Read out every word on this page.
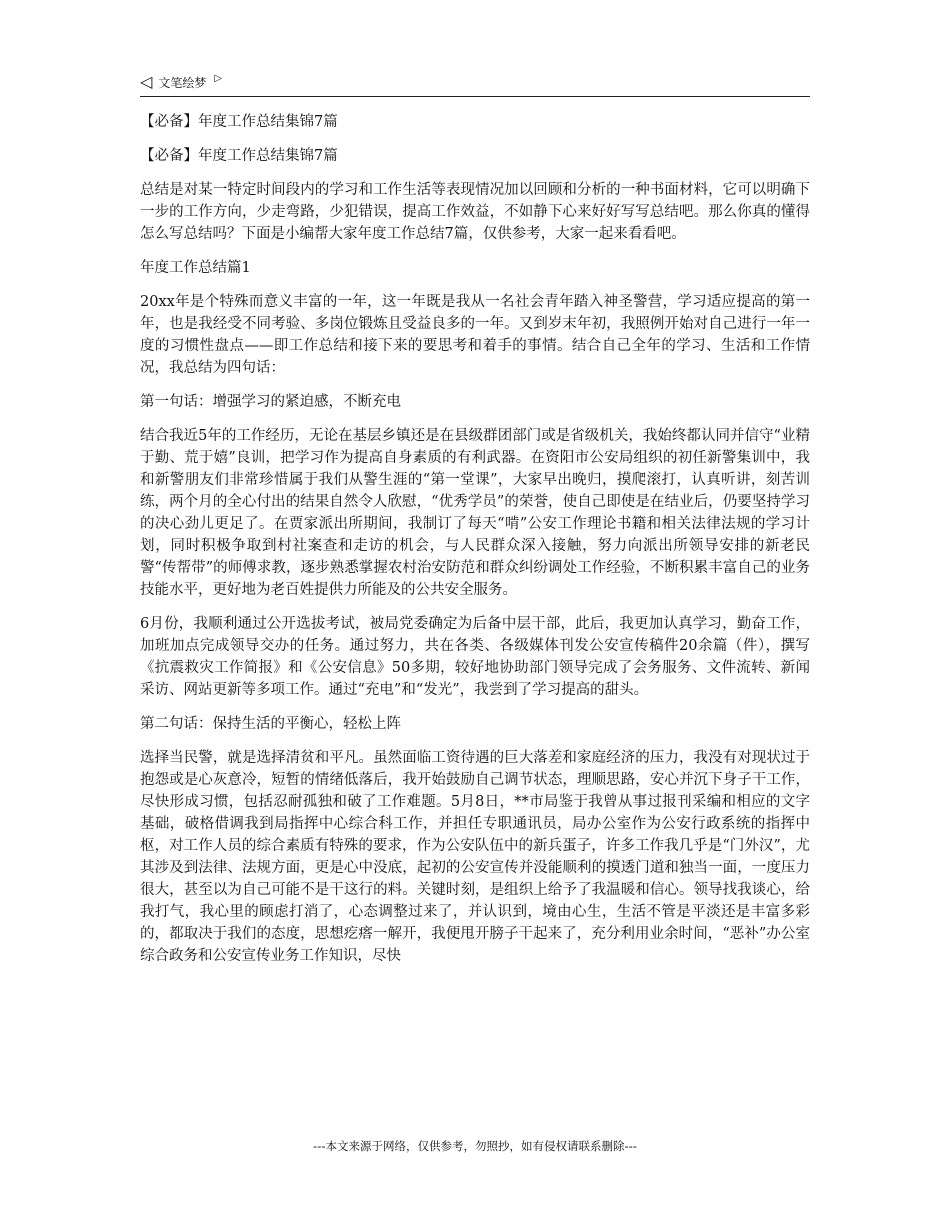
◁ 文笔绘梦 ▷
【必备】年度工作总结集锦7篇
【必备】年度工作总结集锦7篇

总结是对某一特定时间段内的学习和工作生活等表现情况加以回顾和分析的一种书面材料，它可以明确下一步的工作方向，少走弯路，少犯错误，提高工作效益，不如静下心来好好写写总结吧。那么你真的懂得怎么写总结吗？下面是小编帮大家年度工作总结7篇，仅供参考，大家一起来看看吧。

年度工作总结篇1

20xx年是个特殊而意义丰富的一年，这一年既是我从一名社会青年踏入神圣警营，学习适应提高的第一年，也是我经受不同考验、多岗位锻炼且受益良多的一年。又到岁末年初，我照例开始对自己进行一年一度的习惯性盘点——即工作总结和接下来的要思考和着手的事情。结合自己全年的学习、生活和工作情况，我总结为四句话：

第一句话：增强学习的紧迫感，不断充电

结合我近5年的工作经历，无论在基层乡镇还是在县级群团部门或是省级机关，我始终都认同并信守“业精于勤、荒于嬉”良训，把学习作为提高自身素质的有利武器。在资阳市公安局组织的初任新警集训中，我和新警朋友们非常珍惜属于我们从警生涯的“第一堂课”，大家早出晚归，摸爬滚打，认真听讲，刻苦训练，两个月的全心付出的结果自然令人欣慰，“优秀学员”的荣誉，使自己即使是在结业后，仍要坚持学习的决心劲儿更足了。在贾家派出所期间，我制订了每天“啃”公安工作理论书籍和相关法律法规的学习计划，同时积极争取到村社案查和走访的机会，与人民群众深入接触，努力向派出所领导安排的新老民警“传帮带”的师傅求教，逐步熟悉掌握农村治安防范和群众纠纷调处工作经验，不断积累丰富自己的业务技能水平，更好地为老百姓提供力所能及的公共安全服务。

6月份，我顺利通过公开选拔考试，被局党委确定为后备中层干部，此后，我更加认真学习，勤奋工作，加班加点完成领导交办的任务。通过努力，共在各类、各级媒体刊发公安宣传稿件20余篇（件），撰写《抗震救灾工作简报》和《公安信息》50多期，较好地协助部门领导完成了会务服务、文件流转、新闻采访、网站更新等多项工作。通过“充电”和“发光”，我尝到了学习提高的甜头。

第二句话：保持生活的平衡心，轻松上阵

选择当民警，就是选择清贫和平凡。虽然面临工资待遇的巨大落差和家庭经济的压力，我没有对现状过于抱怨或是心灰意冷，短暂的情绪低落后，我开始鼓励自己调节状态，理顺思路，安心并沉下身子干工作，尽快形成习惯，包括忍耐孤独和破了工作难题。5月8日，**市局鉴于我曾从事过报刊采编和相应的文字基础，破格借调我到局指挥中心综合科工作，并担任专职通讯员，局办公室作为公安行政系统的指挥中枢，对工作人员的综合素质有特殊的要求，作为公安队伍中的新兵蛋子，许多工作我几乎是“门外汉”，尤其涉及到法律、法规方面，更是心中没底，起初的公安宣传并没能顺利的摸透门道和独当一面，一度压力很大，甚至以为自己可能不是干这行的料。关键时刻，是组织上给予了我温暖和信心。领导找我谈心，给我打气，我心里的顾虑打消了，心态调整过来了，并认识到，境由心生，生活不管是平淡还是丰富多彩的，都取决于我们的态度，思想疙瘩一解开，我便甩开膀子干起来了，充分利用业余时间，“恶补”办公室综合政务和公安宣传业务工作知识，尽快

---本文来源于网络，仅供参考，勿照抄，如有侵权请联系删除---
